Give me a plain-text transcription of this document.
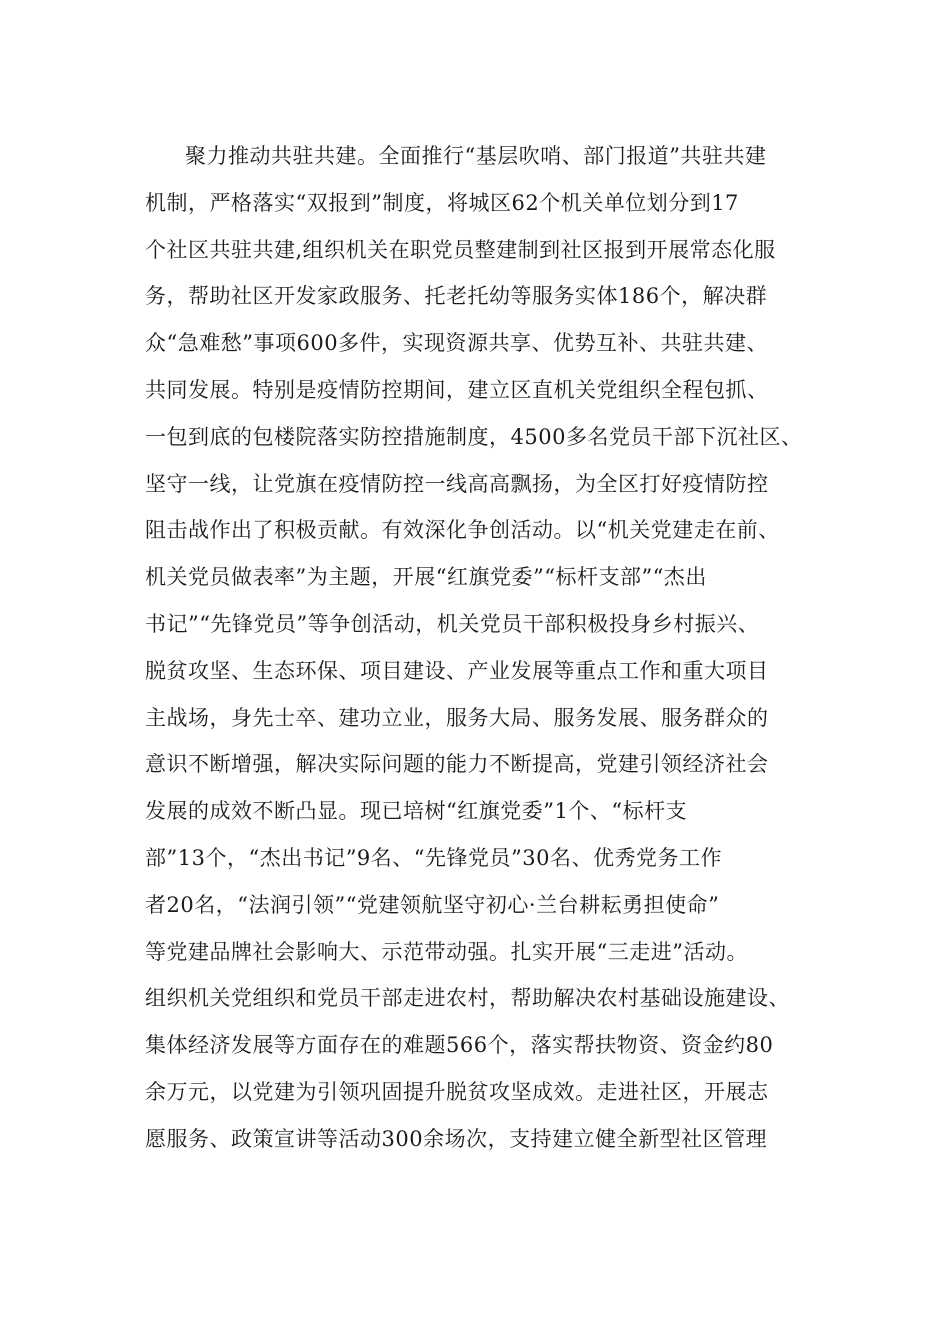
聚力推动共驻共建。全面推行“基层吹哨、部门报道”共驻共建
机制，严格落实“双报到”制度，将城区62个机关单位划分到17
个社区共驻共建,组织机关在职党员整建制到社区报到开展常态化服
务，帮助社区开发家政服务、托老托幼等服务实体186个，解决群
众“急难愁”事项600多件，实现资源共享、优势互补、共驻共建、
共同发展。特别是疫情防控期间，建立区直机关党组织全程包抓、
一包到底的包楼院落实防控措施制度，4500多名党员干部下沉社区、
坚守一线，让党旗在疫情防控一线高高飘扬，为全区打好疫情防控
阻击战作出了积极贡献。有效深化争创活动。以“机关党建走在前、
机关党员做表率”为主题，开展“红旗党委”“标杆支部”“杰出
书记”“先锋党员”等争创活动，机关党员干部积极投身乡村振兴、
脱贫攻坚、生态环保、项目建设、产业发展等重点工作和重大项目
主战场，身先士卒、建功立业，服务大局、服务发展、服务群众的
意识不断增强，解决实际问题的能力不断提高，党建引领经济社会
发展的成效不断凸显。现已培树“红旗党委”1个、“标杆支
部”13个，“杰出书记”9名、“先锋党员”30名、优秀党务工作
者20名，“法润引领”“党建领航坚守初心·兰台耕耘勇担使命”
等党建品牌社会影响大、示范带动强。扎实开展“三走进”活动。
组织机关党组织和党员干部走进农村，帮助解决农村基础设施建设、
集体经济发展等方面存在的难题566个，落实帮扶物资、资金约80
余万元，以党建为引领巩固提升脱贫攻坚成效。走进社区，开展志
愿服务、政策宣讲等活动300余场次，支持建立健全新型社区管理
